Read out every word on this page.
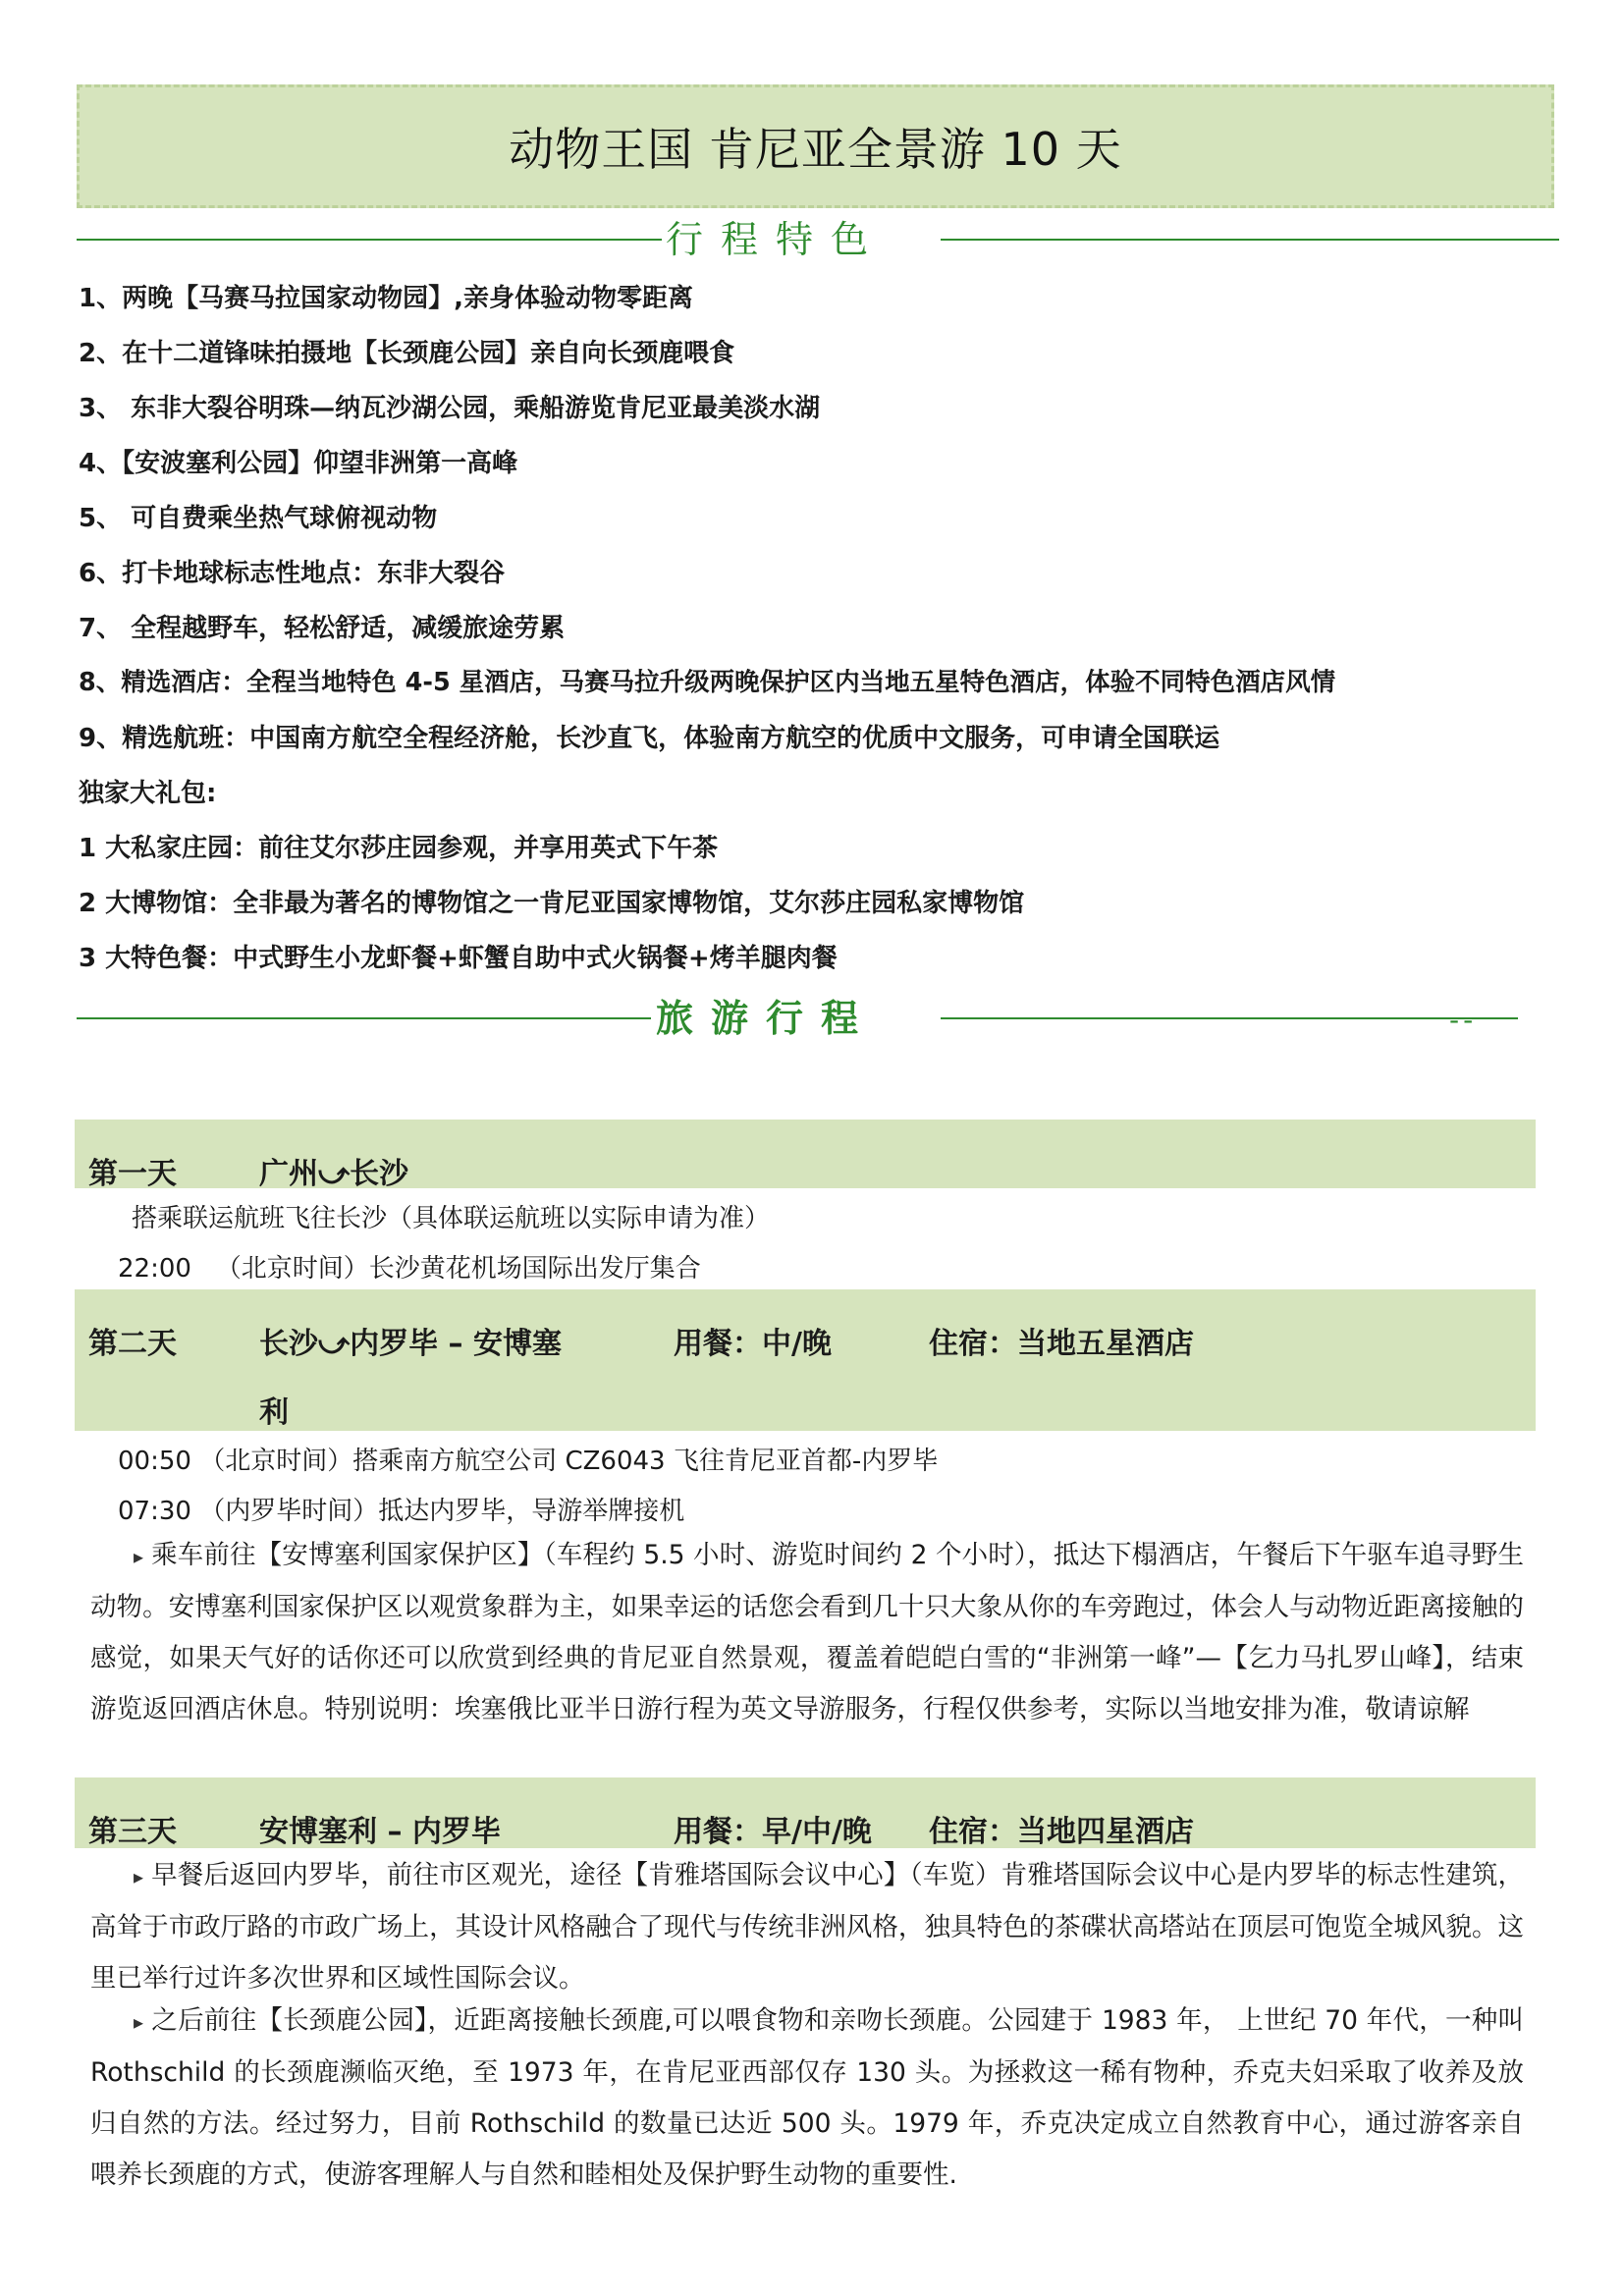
动物王国 肯尼亚全景游 10 天
行程特色
1、两晚【马赛马拉国家动物园】,亲身体验动物零距离
2、在十二道锋味拍摄地【长颈鹿公园】亲自向长颈鹿喂食
3、 东非大裂谷明珠—纳瓦沙湖公园，乘船游览肯尼亚最美淡水湖
4、【安波塞利公园】仰望非洲第一高峰
5、 可自费乘坐热气球俯视动物
6、打卡地球标志性地点：东非大裂谷
7、 全程越野车，轻松舒适，减缓旅途劳累
8、精选酒店：全程当地特色 4-5 星酒店，马赛马拉升级两晚保护区内当地五星特色酒店，体验不同特色酒店风情
9、精选航班：中国南方航空全程经济舱，长沙直飞，体验南方航空的优质中文服务，可申请全国联运
独家大礼包:
1 大私家庄园：前往艾尔莎庄园参观，并享用英式下午茶
2 大博物馆：全非最为著名的博物馆之一肯尼亚国家博物馆，艾尔莎庄园私家博物馆
3 大特色餐：中式野生小龙虾餐+虾蟹自助中式火锅餐+烤羊腿肉餐
旅游行程	--
第一天	广州⤻长沙
搭乘联运航班飞往长沙（具体联运航班以实际申请为准）
22:00   （北京时间）长沙黄花机场国际出发厅集合
第二天	长沙⤻内罗毕 – 安博塞
利
用餐：中/晚	住宿：当地五星酒店
00:50 （北京时间）搭乘南方航空公司 CZ6043 飞往肯尼亚首都-内罗毕
07:30 （内罗毕时间）抵达内罗毕，导游举牌接机
▸ 乘车前往【安博塞利国家保护区】（车程约 5.5 小时、游览时间约 2 个小时），抵达下榻酒店，午餐后下午驱车追寻野生动物。安博塞利国家保护区以观赏象群为主，如果幸运的话您会看到几十只大象从你的车旁跑过，体会人与动物近距离接触的感觉，如果天气好的话你还可以欣赏到经典的肯尼亚自然景观，覆盖着皑皑白雪的“非洲第一峰”—【乞力马扎罗山峰】，结束游览返回酒店休息。特别说明：埃塞俄比亚半日游行程为英文导游服务，行程仅供参考，实际以当地安排为准，敬请谅解
第三天	安博塞利 – 内罗毕	用餐：早/中/晚 住宿：当地四星酒店
▸ 早餐后返回内罗毕，前往市区观光，途径【肯雅塔国际会议中心】（车览）肯雅塔国际会议中心是内罗毕的标志性建筑，高耸于市政厅路的市政广场上，其设计风格融合了现代与传统非洲风格，独具特色的茶碟状高塔站在顶层可饱览全城风貌。这里已举行过许多次世界和区域性国际会议。
▸ 之后前往【长颈鹿公园】，近距离接触长颈鹿,可以喂食物和亲吻长颈鹿。公园建于 1983 年， 上世纪 70 年代，一种叫 Rothschild 的长颈鹿濒临灭绝，至 1973 年，在肯尼亚西部仅存 130 头。为拯救这一稀有物种，乔克夫妇采取了收养及放归自然的方法。经过努力，目前 Rothschild 的数量已达近 500 头。1979 年，乔克决定成立自然教育中心，通过游客亲自喂养长颈鹿的方式，使游客理解人与自然和睦相处及保护野生动物的重要性.
